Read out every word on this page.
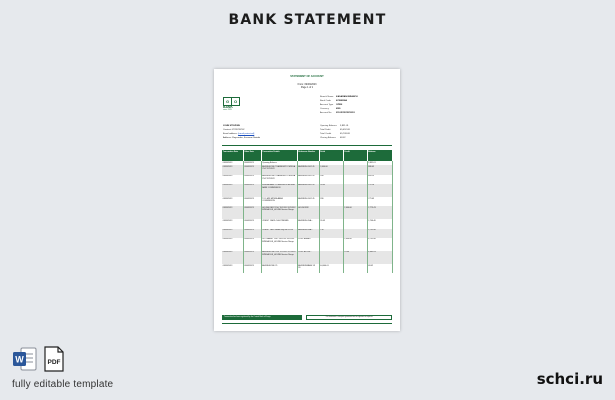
BANK STATEMENT
STATEMENT OF ACCOUNT
From: 09/09/2023
Page 1 of 1
G	O
BANK
since 1925
Branch Name KASARANI BRANCH
Bank Code KCBKENA
Account Type OPEN
Currency	KES
Account No 0110XXXXXXXX01
JOHN STEVENS
Contact: 07XXXXXXX
Email address: [email protected]
Address: Roysambu, Kasarani Nairobi
Opening Balance 3,831.01
Total Debit	45,452.09
Total Credit	45,709.09
Closing Balance 48.02
Transaction Date	Value Date	Transaction Details	Reference Number	Debit	Credit	Balance
09/09/2023	09/09/2023	Opening Balance				3,831.01
09/09/2023	09/09/2023	ANDREIKOSE TRANSFERTO MPESA 2547 XXXXXX	ANDREW-C602 45	3,000.00		888.03
09/09/2023	09/09/2023	ANDREIKOSE TRANSFERTO MPESA 2547 XXXXXX	ANDREW-C602 45	330		603.19
09/09/2023	09/09/2023	MPESA BANK COMMISSION MPESA BANK COMMISSION	ANDREW-C602 45	26.03		776.16
09/09/2023	09/09/2023	TOO MIR MPESA BANK COMMISSION	ANDREW-C602 45	330		773.43
09/09/2023	09/09/2023	HOUSE RENT 2547 XXXXXX XXXXXX MPESA DLN_HOUSE Service Rouya	HOLNOR2K		2,000.00	2,773.43
09/09/2023	09/09/2023	CREDIT CARD CHG PREPAID	ANDREW-CHA...	26.03		2,746.40
09/09/2023	09/09/2023	CREDIT LIEU Goods Buy 046 XXXX	ANDREW-CHA...	730		2,732.46
09/09/2023	09/09/2023	SOT-MANSY 2547 XXXXXX XXXXXX MPESA DLN_HOUSE Service Rouya	XXXX BIMART		2,000.00	4,732.46
09/09/2023	09/09/2023	ANDREIKOSE 2547 XXXXXX XXXXXX MPESA DLN_HOUSE Service Rouya	XXXX BIZ HS...		25.00	4,685.43
09/09/2023	09/09/2023	ANDREIKOSE 25	ANDREWMASE XX 26	44,000.01		48.02
Transaction has been registered by the Central Bank of Kenya	This statement is computer generated and no signature is required
W	PDF
fully editable template	schci.ru
